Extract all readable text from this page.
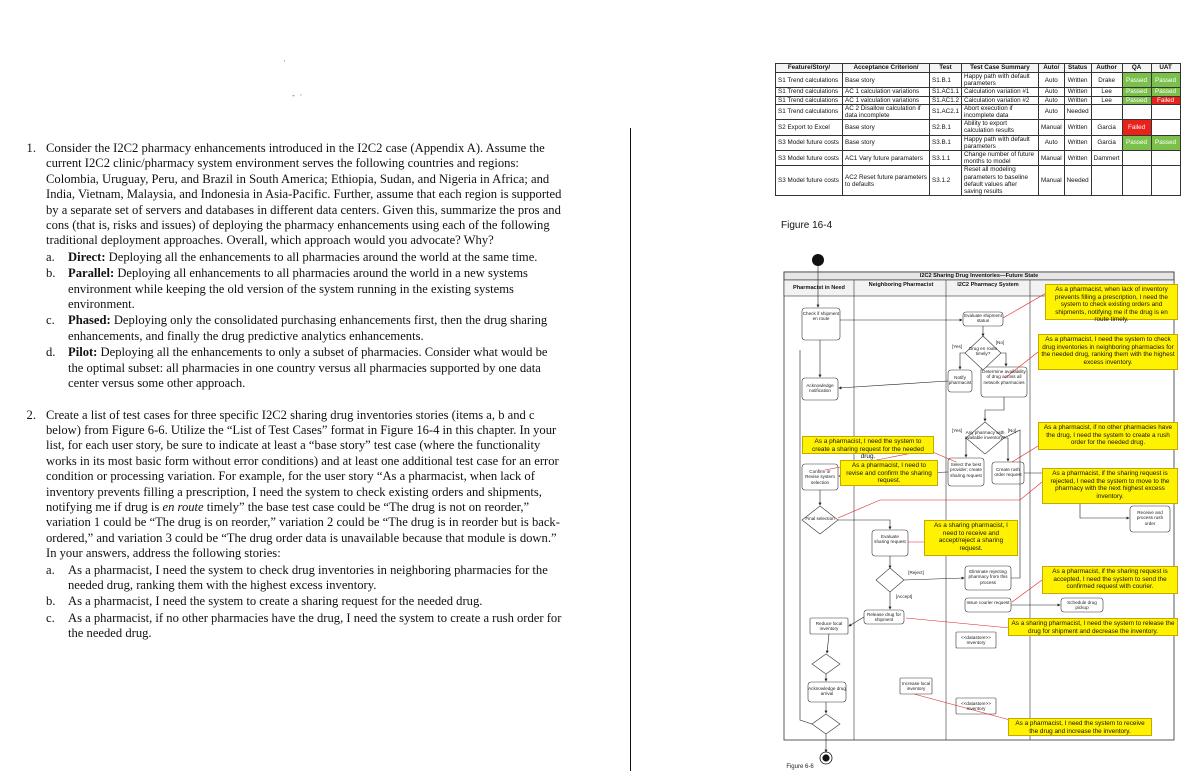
·
-  ·
1. Consider the I2C2 pharmacy enhancements introduced in the I2C2 case (Appendix A). Assume the current I2C2 clinic/pharmacy system environment serves the following countries and regions: Colombia, Uruguay, Peru, and Brazil in South America; Ethiopia, Sudan, and Nigeria in Africa; and India, Vietnam, Malaysia, and Indonesia in Asia-Pacific. Further, assume that each region is supported by a separate set of servers and databases in different data centers. Given this, summarize the pros and cons (that is, risks and issues) of deploying the pharmacy enhancements using each of the following traditional deployment approaches. Overall, which approach would you advocate? Why?
a.	Direct: Deploying all the enhancements to all pharmacies around the world at the same time.
b. Parallel: Deploying all enhancements to all pharmacies around the world in a new systems environment while keeping the old version of the system running in the existing systems environment.
c.	Phased: Deploying only the consolidated purchasing enhancements first, then the drug sharing enhancements, and finally the drug predictive analytics enhancements.
d. Pilot: Deploying all the enhancements to only a subset of pharmacies. Consider what would be the optimal subset: all pharmacies in one country versus all pharmacies supported by one data center versus some other approach.
2. Create a list of test cases for three specific I2C2 sharing drug inventories stories (items a, b and c below) from Figure 6-6. Utilize the “List of Test Cases” format in Figure 16-4 in this chapter. In your list, for each user story, be sure to indicate at least a “base story” test case (where the functionality works in its most basic form without error conditions) and at least one additional test case for an error condition or processing variation. For example, for the user story “As a pharmacist, when lack of inventory prevents filling a prescription, I need the system to check existing orders and shipments, notifying me if drug is en route timely” the base test case could be “The drug is not on reorder,” variation 1 could be “The drug is on reorder,” variation 2 could be “The drug is in reorder but is back-ordered,” and variation 3 could be “The drug order data is unavailable because that module is down.” In your answers, address the following stories:
a.	As a pharmacist, I need the system to check drug inventories in neighboring pharmacies for the needed drug, ranking them with the highest excess inventory.
b. As a pharmacist, I need the system to create a sharing request for the needed drug.
c.	As a pharmacist, if no other pharmacies have the drug, I need the system to create a rush order for the needed drug.
Feature/Story/	Acceptance Criterion/	Test	Test Case Summary	Auto/	Status	Author	QA	UAT
S1 Trend calculations	Base story	S1.B.1	Happy path with default parameters	Auto	Written	Drake	Passed	Passed
S1 Trend calculations	AC 1 calculation variations	S1.AC1.1	Calculation variation #1	Auto	Written	Lee	Passed	Passed
S1 Trend calculations	AC 1 valculation variations	S1.AC1.2	Calculation variation #2	Auto	Written	Lee	Passed	Failed
S1 Trend calculations	AC 2 Disallow calculation if data incomplete	S1.AC2.1	Abort execution if incomplete data	Auto	Needed			
S2 Export to Excel	Base story	S2.B.1	Ability to export calculation results	Manual	Written	Garcia	Failed	
S3 Model future costs	Base story	S3.B.1	Happy path with default parameters	Auto	Written	Garcia	Passed	Passed
S3 Model future costs	AC1 Vary future paramaters	S3.1.1	Change number of future months to model	Manual	Written	Dammert		
S3 Model future costs	AC2 Reset future parameters to defaults	S3.1.2	Reset all modeling parameters to baseline default values after saving results	Manual	Needed			
Figure 16-4
I2C2 Sharing Drug Inventories—Future State
Pharmacist in Need	Neighboring Pharmacist	I2C2 Pharmacy System
Check if shipment en route
Evaluate shipment status
Drug en route timely?
[No]
[Yes]
Notify pharmacist
Determine availability of drug across all network pharmacies
Acknowledge notification
Any pharmacy with available inventory?
[Yes]	[No]
Select the best provider; create sharing request
Create rush order request
Confirm or Revise system selection
Final selection
Receive and process rush order
Evaluate sharing request
[Reject]
[Accept]
Eliminate rejecting pharmacy from this process
Issue courier request	Schedule drug pickup
Release drug for shipment
Reduce local inventory
<<datastore>> Inventory
Increase local inventory
Acknowledge drug arrival
<<datastore>> Inventory
As a pharmacist, when lack of inventory prevents filling a prescription, I need the system to check existing orders and shipments, notifying me if the drug is en route timely.
As a pharmacist, I need the system to check drug inventories in neighboring pharmacies for the needed drug, ranking them with the highest excess inventory.
As a pharmacist, I need the system to create a sharing request for the needed drug.
As a pharmacist, I need to revise and confirm the sharing request.
As a pharmacist, if no other pharmacies have the drug, I need the system to create a rush order for the needed drug.
As a pharmacist, if the sharing request is rejected, I need the system to move to the pharmacy with the next highest excess inventory.
As a sharing pharmacist, I need to receive and accept/reject a sharing request.
As a pharmacist, if the sharing request is accepted, I need the system to send the confirmed request with courier.
As a sharing pharmacist, I need the system to release the drug for shipment and decrease the inventory.
As a pharmacist, I need the system to receive the drug and increase the inventory.
Figure 6-6
